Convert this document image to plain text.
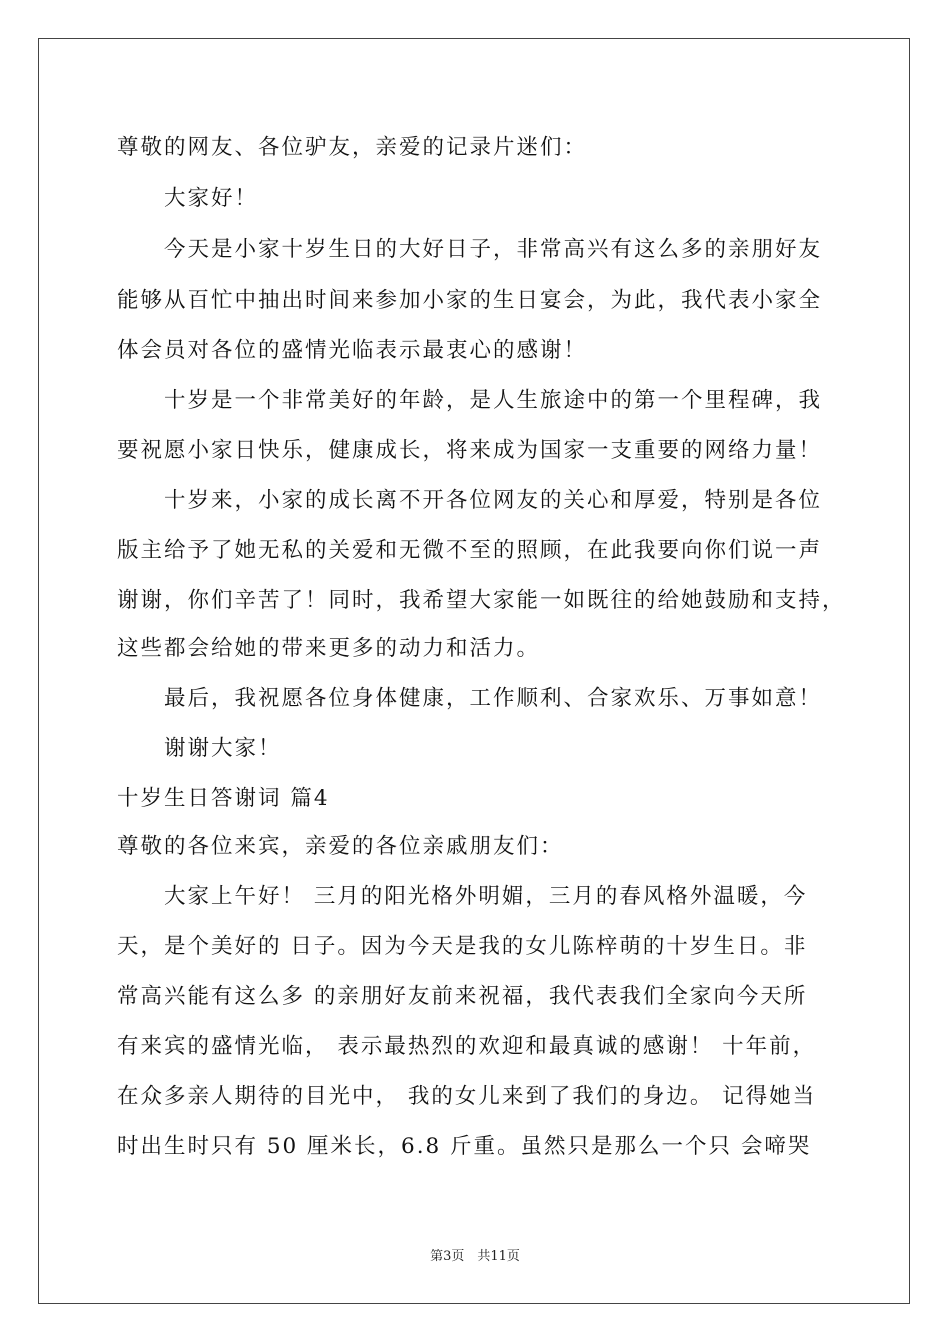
尊敬的网友、各位驴友，亲爱的记录片迷们：
　　大家好！
　　今天是小家十岁生日的大好日子，非常高兴有这么多的亲朋好友
能够从百忙中抽出时间来参加小家的生日宴会，为此，我代表小家全
体会员对各位的盛情光临表示最衷心的感谢！
　　十岁是一个非常美好的年龄，是人生旅途中的第一个里程碑，我
要祝愿小家日快乐，健康成长，将来成为国家一支重要的网络力量！
　　十岁来，小家的成长离不开各位网友的关心和厚爱，特别是各位
版主给予了她无私的关爱和无微不至的照顾，在此我要向你们说一声
谢谢，你们辛苦了！同时，我希望大家能一如既往的给她鼓励和支持，
这些都会给她的带来更多的动力和活力。
　　最后，我祝愿各位身体健康，工作顺利、合家欢乐、万事如意！
　　谢谢大家！
十岁生日答谢词 篇4
尊敬的各位来宾，亲爱的各位亲戚朋友们：
　　大家上午好！ 三月的阳光格外明媚，三月的春风格外温暖，今
天，是个美好的 日子。因为今天是我的女儿陈梓萌的十岁生日。非
常高兴能有这么多 的亲朋好友前来祝福，我代表我们全家向今天所
有来宾的盛情光临， 表示最热烈的欢迎和最真诚的感谢！ 十年前，
在众多亲人期待的目光中， 我的女儿来到了我们的身边。 记得她当
时出生时只有 50 厘米长，6.8 斤重。虽然只是那么一个只 会啼哭
第3页　共11页
